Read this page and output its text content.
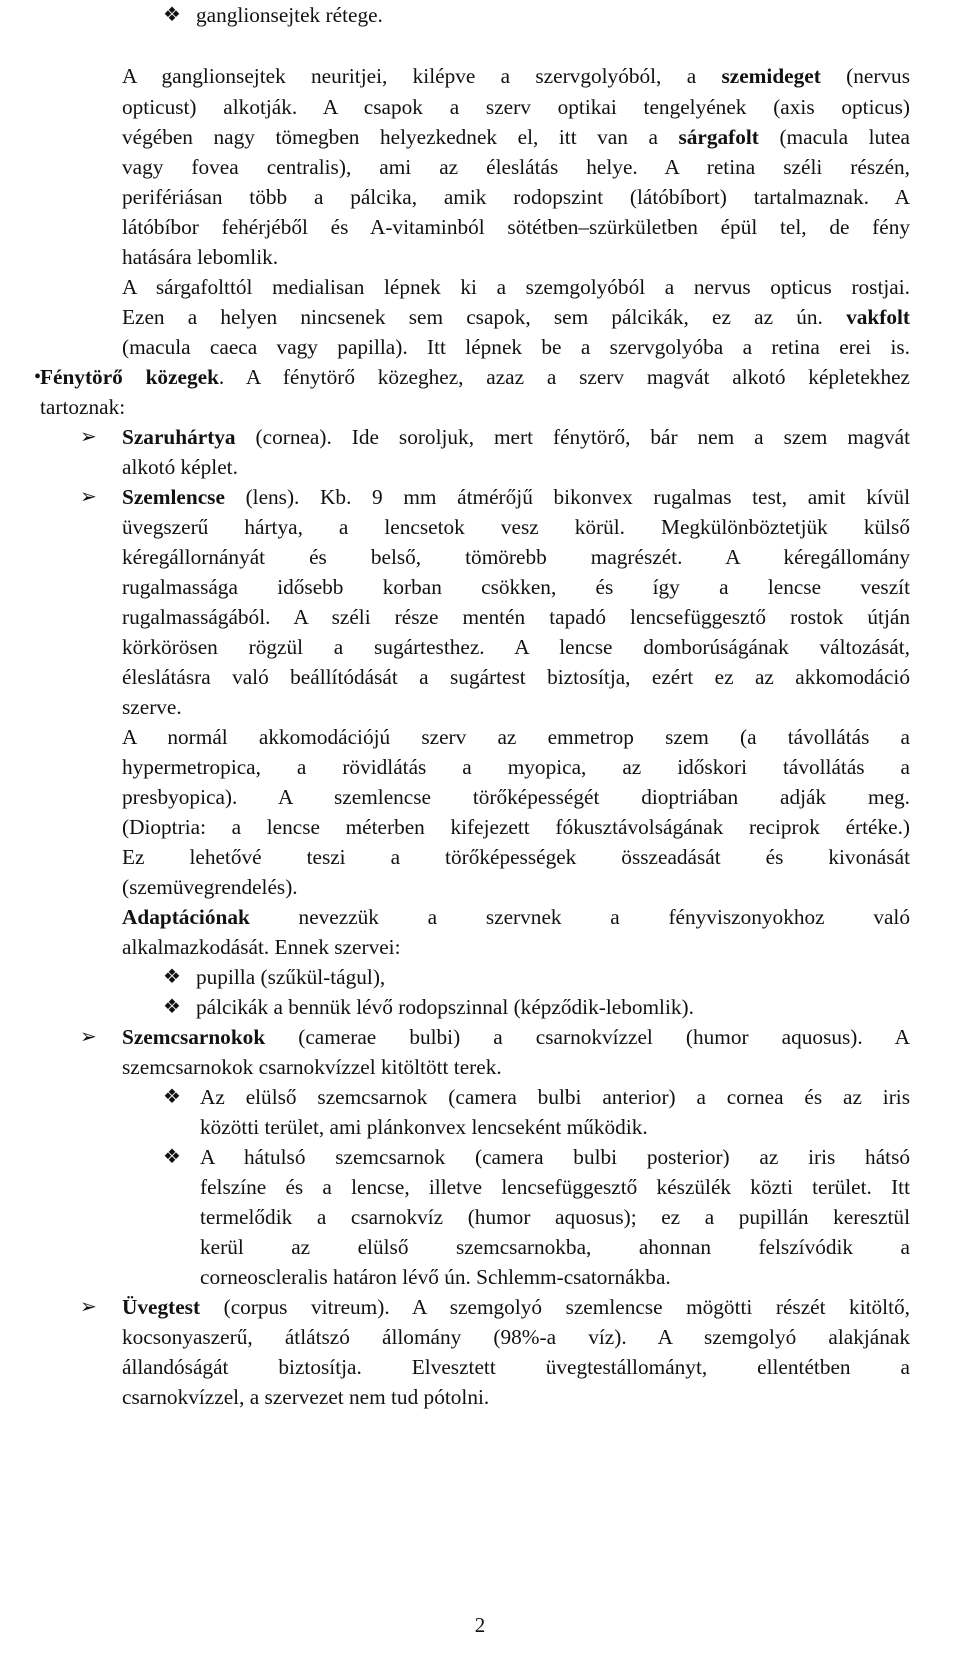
❖ ganglionsejtek rétege.
A ganglionsejtek neuritjei, kilépve a szervgolyóból, a szemideget (nervus
opticust) alkotják. A csapok a szerv optikai tengelyének (axis opticus)
végében nagy tömegben helyezkednek el, itt van a sárgafolt (macula lutea
vagy fovea centralis), ami az éleslátás helye. A retina széli részén,
perifériásan több a pálcika, amik rodopszint (látóbíbort) tartalmaznak. A
látóbíbor fehérjéből és A-vitaminból sötétben–szürkületben épül tel, de fény
hatására lebomlik.
A sárgafolttól medialisan lépnek ki a szemgolyóból a nervus opticus rostjai.
Ezen a helyen nincsenek sem csapok, sem pálcikák, ez az ún. vakfolt
(macula caeca vagy papilla). Itt lépnek be a szervgolyóba a retina erei is.
•
Fénytörő közegek. A fénytörő közeghez, azaz a szerv magvát alkotó képletekhez
tartoznak:
➢ Szaruhártya (cornea). Ide soroljuk, mert fénytörő, bár nem a szem magvát
alkotó képlet.
➢ Szemlencse (lens). Kb. 9 mm átmérőjű bikonvex rugalmas test, amit kívül
üvegszerű hártya, a lencsetok vesz körül. Megkülönböztetjük külső
kéregállornányát és belső, tömörebb magrészét. A kéregállomány
rugalmassága idősebb korban csökken, és így a lencse veszít
rugalmasságából. A széli része mentén tapadó lencsefüggesztő rostok útján
körkörösen rögzül a sugártesthez. A lencse domborúságának változását,
éleslátásra való beállítódását a sugártest biztosítja, ezért ez az akkomodáció
szerve.
A normál akkomodációjú szerv az emmetrop szem (a távollátás a
hypermetropica, a rövidlátás a myopica, az időskori távollátás a
presbyopica). A szemlencse törőképességét dioptriában adják meg.
(Dioptria: a lencse méterben kifejezett fókusztávolságának reciprok értéke.)
Ez lehetővé teszi a törőképességek összeadását és kivonását
(szemüvegrendelés).
Adaptációnak nevezzük a szervnek a fényviszonyokhoz való
alkalmazkodását. Ennek szervei:
❖ pupilla (szűkül-tágul),
❖ pálcikák a bennük lévő rodopszinnal (képződik-lebomlik).
➢ Szemcsarnokok (camerae bulbi) a csarnokvízzel (humor aquosus). A
szemcsarnokok csarnokvízzel kitöltött terek.
❖ Az elülső szemcsarnok (camera bulbi anterior) a cornea és az iris
közötti terület, ami plánkonvex lencseként működik.
❖ A hátulsó szemcsarnok (camera bulbi posterior) az iris hátsó
felszíne és a lencse, illetve lencsefüggesztő készülék közti terület. Itt
termelődik a csarnokvíz (humor aquosus); ez a pupillán keresztül
kerül az elülső szemcsarnokba, ahonnan felszívódik a
corneoscleralis határon lévő ún. Schlemm-csatornákba.
➢ Üvegtest (corpus vitreum). A szemgolyó szemlencse mögötti részét kitöltő,
kocsonyaszerű, átlátszó állomány (98%-a víz). A szemgolyó alakjának
állandóságát biztosítja. Elvesztett üvegtestállományt, ellentétben a
csarnokvízzel, a szervezet nem tud pótolni.
2
